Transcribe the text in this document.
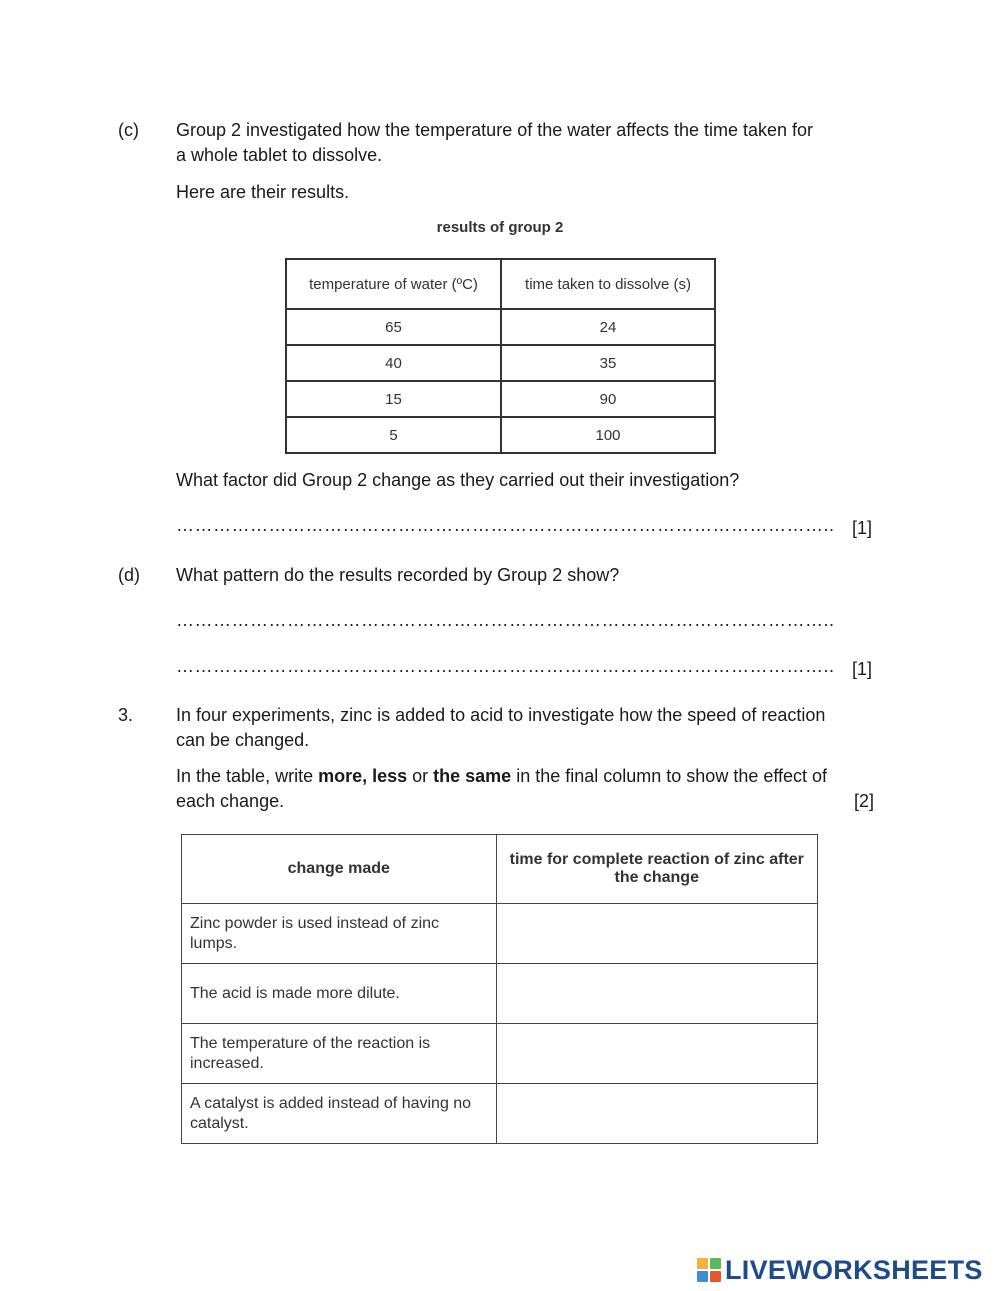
(c) Group 2 investigated how the temperature of the water affects the time taken for
a whole tablet to dissolve.
Here are their results.
results of group 2
temperature of water (ºC)	time taken to dissolve (s)
65	24
40	35
15	90
5	100
What factor did Group 2 change as they carried out their investigation?
…………………………………………………………………………………………….. [1]
(d) What pattern do the results recorded by Group 2 show?
……………………………………………………………………………………………..
…………………………………………………………………………………………….. [1]
3. In four experiments, zinc is added to acid to investigate how the speed of reaction
can be changed.
In the table, write more, less or the same in the final column to show the effect of
each change.	[2]
change made	time for complete reaction of zinc after the change
Zinc powder is used instead of zinc lumps.	
The acid is made more dilute.	
The temperature of the reaction is increased.	
A catalyst is added instead of having no catalyst.	
LIVEWORKSHEETS
